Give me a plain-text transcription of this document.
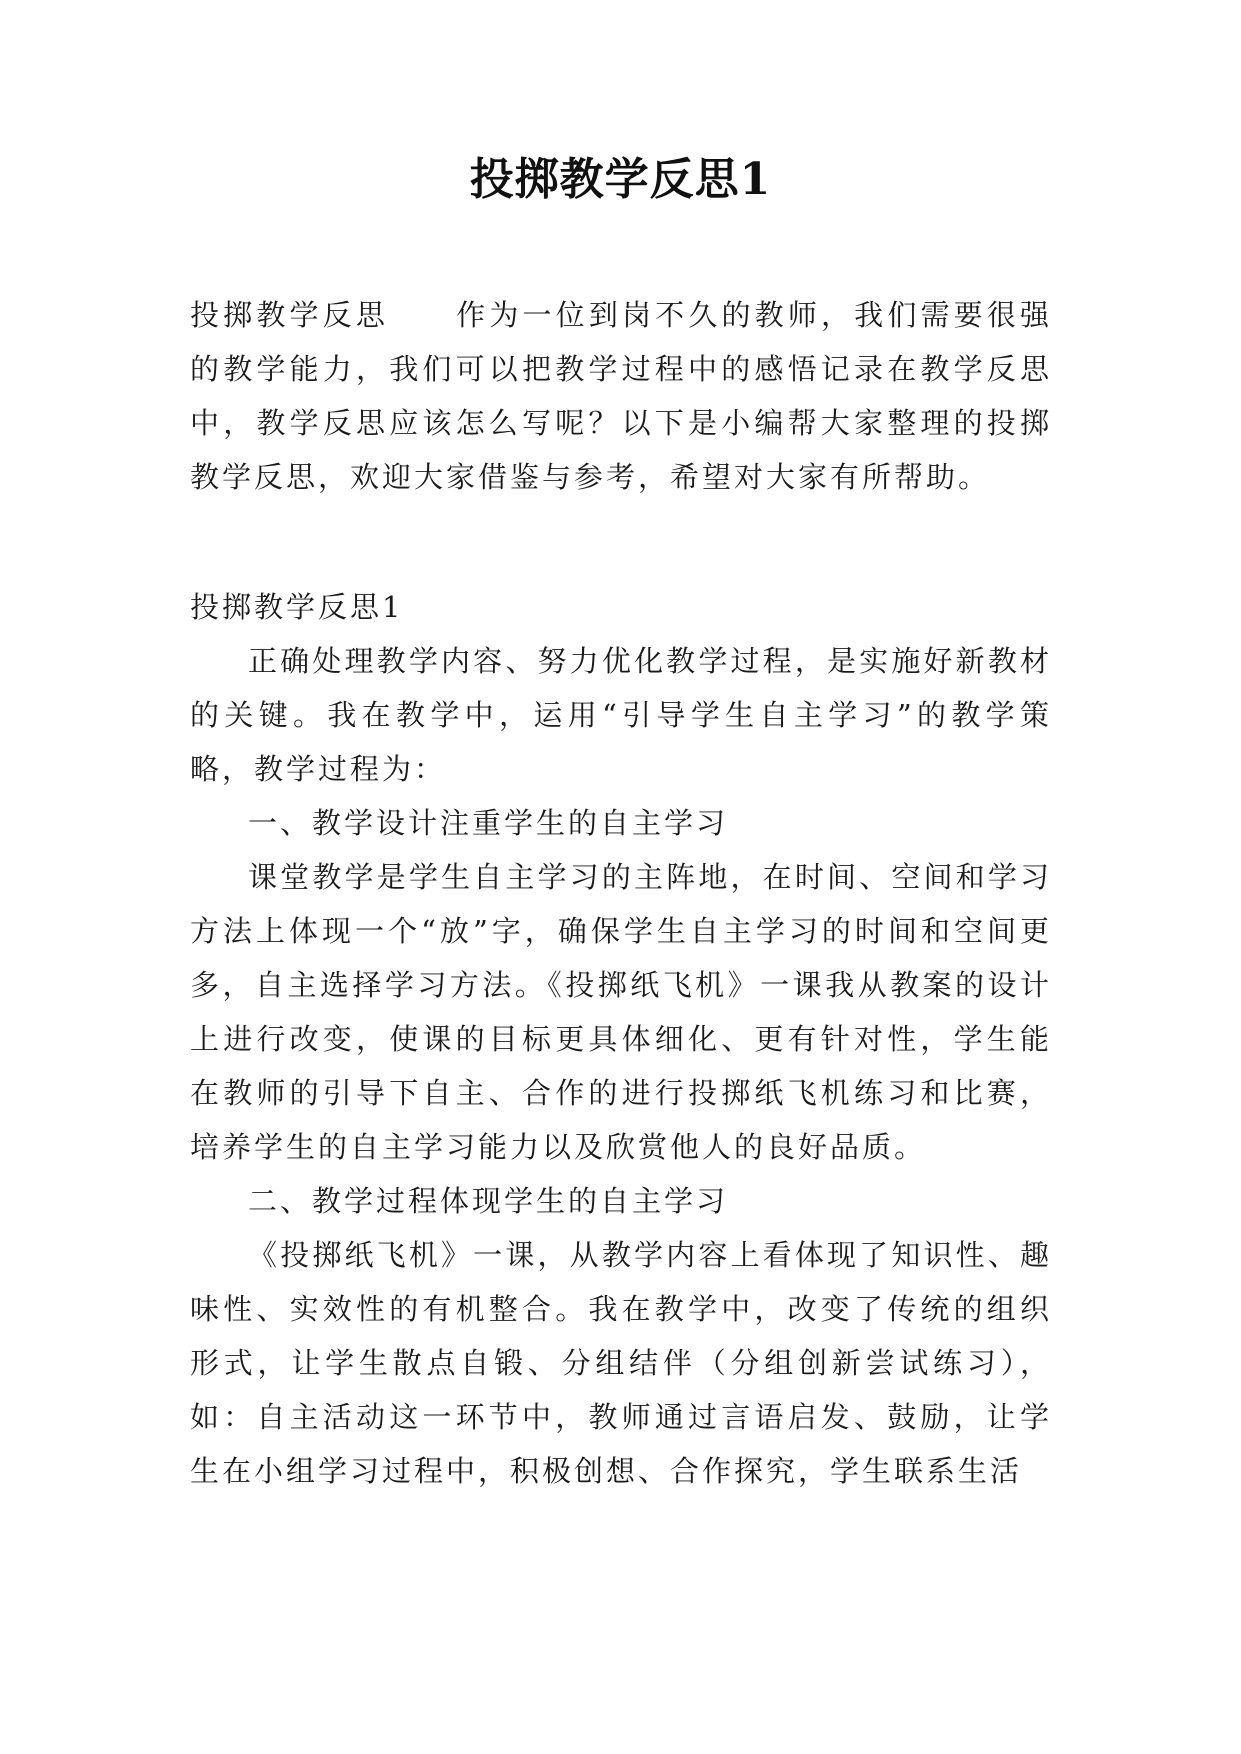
投掷教学反思1
投掷教学反思 作为一位到岗不久的教师，我们需要很强的教学能力，我们可以把教学过程中的感悟记录在教学反思中，教学反思应该怎么写呢？以下是小编帮大家整理的投掷教学反思，欢迎大家借鉴与参考，希望对大家有所帮助。

投掷教学反思1

正确处理教学内容、努力优化教学过程，是实施好新教材的关键。我在教学中，运用“引导学生自主学习”的教学策略，教学过程为：

一、教学设计注重学生的自主学习

课堂教学是学生自主学习的主阵地，在时间、空间和学习方法上体现一个“放”字，确保学生自主学习的时间和空间更多，自主选择学习方法。《投掷纸飞机》一课我从教案的设计上进行改变，使课的目标更具体细化、更有针对性，学生能在教师的引导下自主、合作的进行投掷纸飞机练习和比赛，培养学生的自主学习能力以及欣赏他人的良好品质。

二、教学过程体现学生的自主学习

《投掷纸飞机》一课，从教学内容上看体现了知识性、趣味性、实效性的有机整合。我在教学中，改变了传统的组织形式，让学生散点自锻、分组结伴（分组创新尝试练习），如：自主活动这一环节中，教师通过言语启发、鼓励，让学生在小组学习过程中，积极创想、合作探究，学生联系生活
